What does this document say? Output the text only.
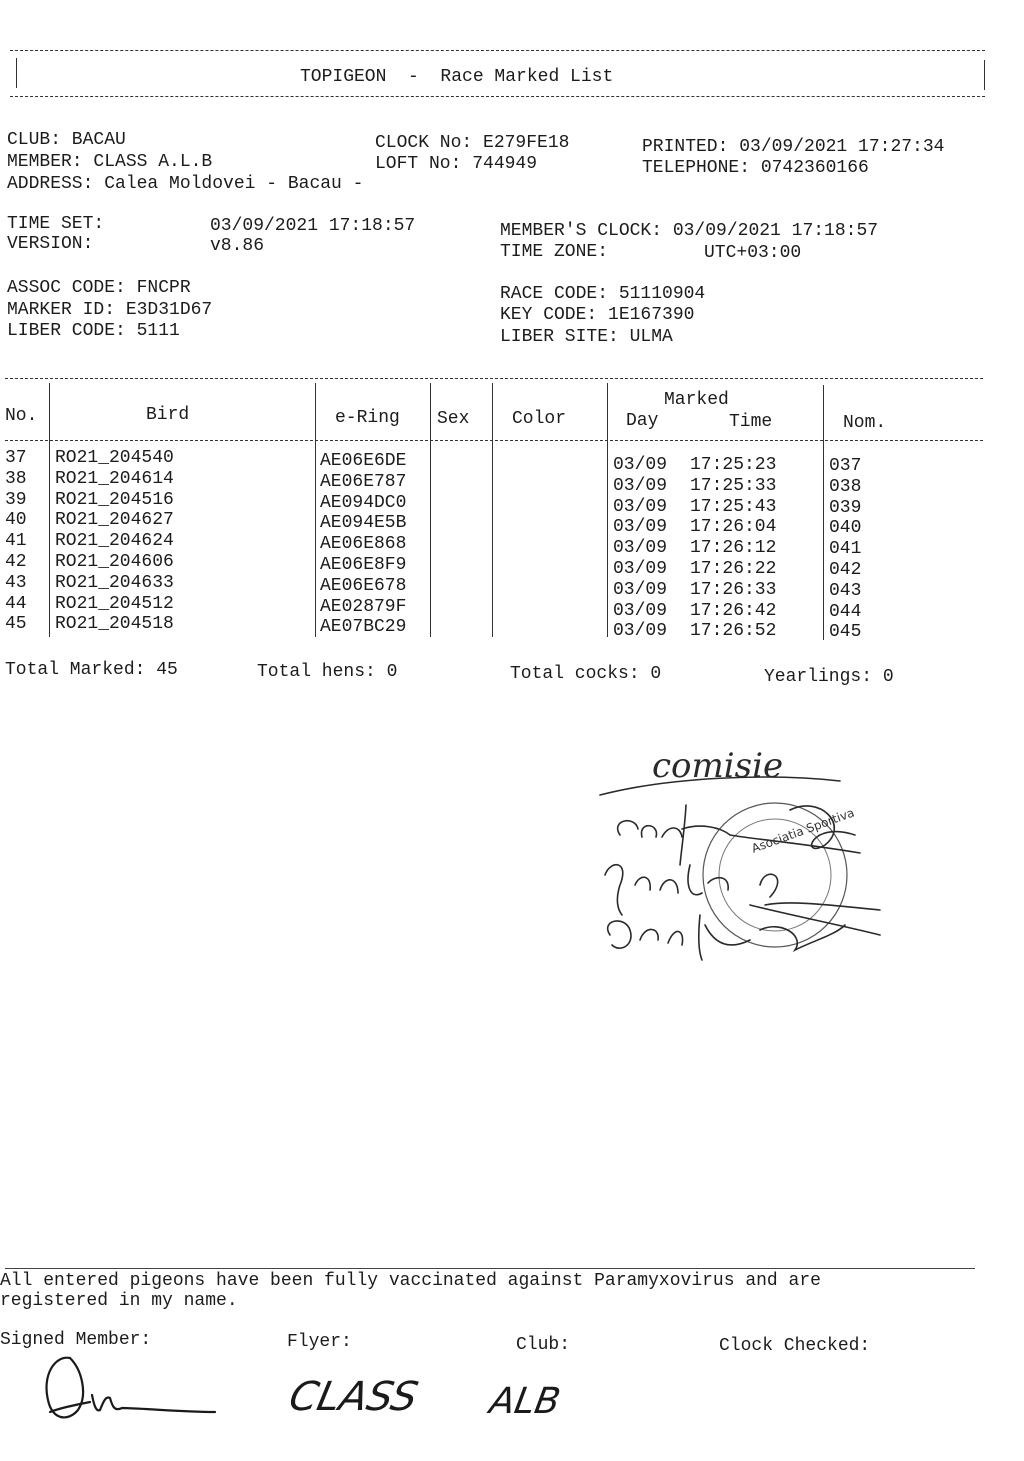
TOPIGEON  -  Race Marked List
CLUB: BACAU
MEMBER: CLASS A.L.B
ADDRESS: Calea Moldovei - Bacau -
CLOCK No: E279FE18
LOFT No: 744949
PRINTED: 03/09/2021 17:27:34
TELEPHONE: 0742360166
TIME SET:	03/09/2021 17:18:57
VERSION:	v8.86
MEMBER'S CLOCK: 03/09/2021 17:18:57
TIME ZONE:	UTC+03:00
ASSOC CODE: FNCPR
MARKER ID: E3D31D67
LIBER CODE: 5111
RACE CODE: 51110904
KEY CODE: 1E167390
LIBER SITE: ULMA
No.	Bird	e-Ring Sex Color
Marked
Day	Time	Nom.
37 RO21_204540	AE06E6DE	03/09 17:25:23	037
38 RO21_204614	AE06E787	03/09 17:25:33	038
39 RO21_204516	AE094DC0	03/09 17:25:43	039
40 RO21_204627	AE094E5B	03/09 17:26:04	040
41 RO21_204624	AE06E868	03/09 17:26:12	041
42 RO21_204606	AE06E8F9	03/09 17:26:22	042
43 RO21_204633	AE06E678	03/09 17:26:33	043
44 RO21_204512	AE02879F	03/09 17:26:42	044
45 RO21_204518	AE07BC29	03/09 17:26:52	045
Total Marked: 45	Total hens: 0	Total cocks: 0	Yearlings: 0
comisie
Asociatia Sportiva
All entered pigeons have been fully vaccinated against Paramyxovirus and are
registered in my name.
Signed Member:	Flyer:	Club:	Clock Checked:
CLASS ALB
